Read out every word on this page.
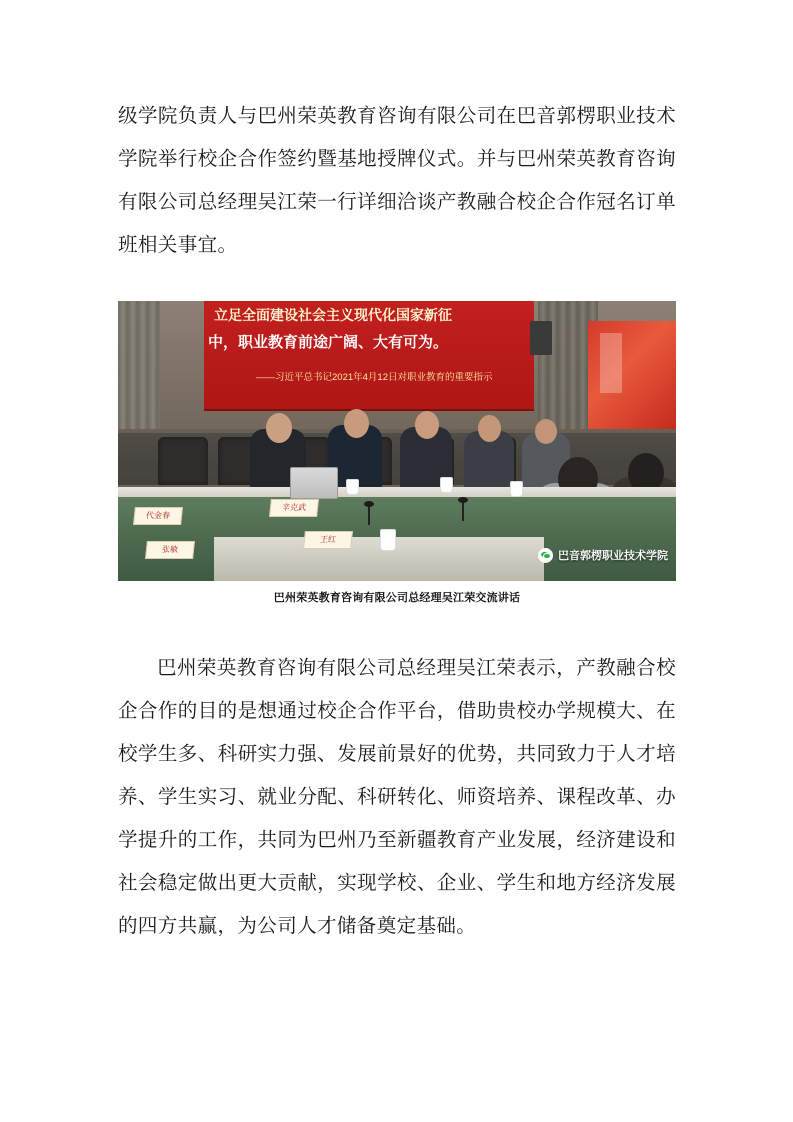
级学院负责人与巴州荣英教育咨询有限公司在巴音郭楞职业技术学院举行校企合作签约暨基地授牌仪式。并与巴州荣英教育咨询有限公司总经理吴江荣一行详细洽谈产教融合校企合作冠名订单班相关事宜。

立足全面建设社会主义现代化国家新征
中，职业教育前途广阔、大有可为。
——习近平总书记2021年4月12日对职业教育的重要指示
代金春
辛克武
张敏
王红
巴音郭楞职业技术学院
巴州荣英教育咨询有限公司总经理吴江荣交流讲话

巴州荣英教育咨询有限公司总经理吴江荣表示，产教融合校企合作的目的是想通过校企合作平台，借助贵校办学规模大、在校学生多、科研实力强、发展前景好的优势，共同致力于人才培养、学生实习、就业分配、科研转化、师资培养、课程改革、办学提升的工作，共同为巴州乃至新疆教育产业发展，经济建设和社会稳定做出更大贡献，实现学校、企业、学生和地方经济发展的四方共赢，为公司人才储备奠定基础。
